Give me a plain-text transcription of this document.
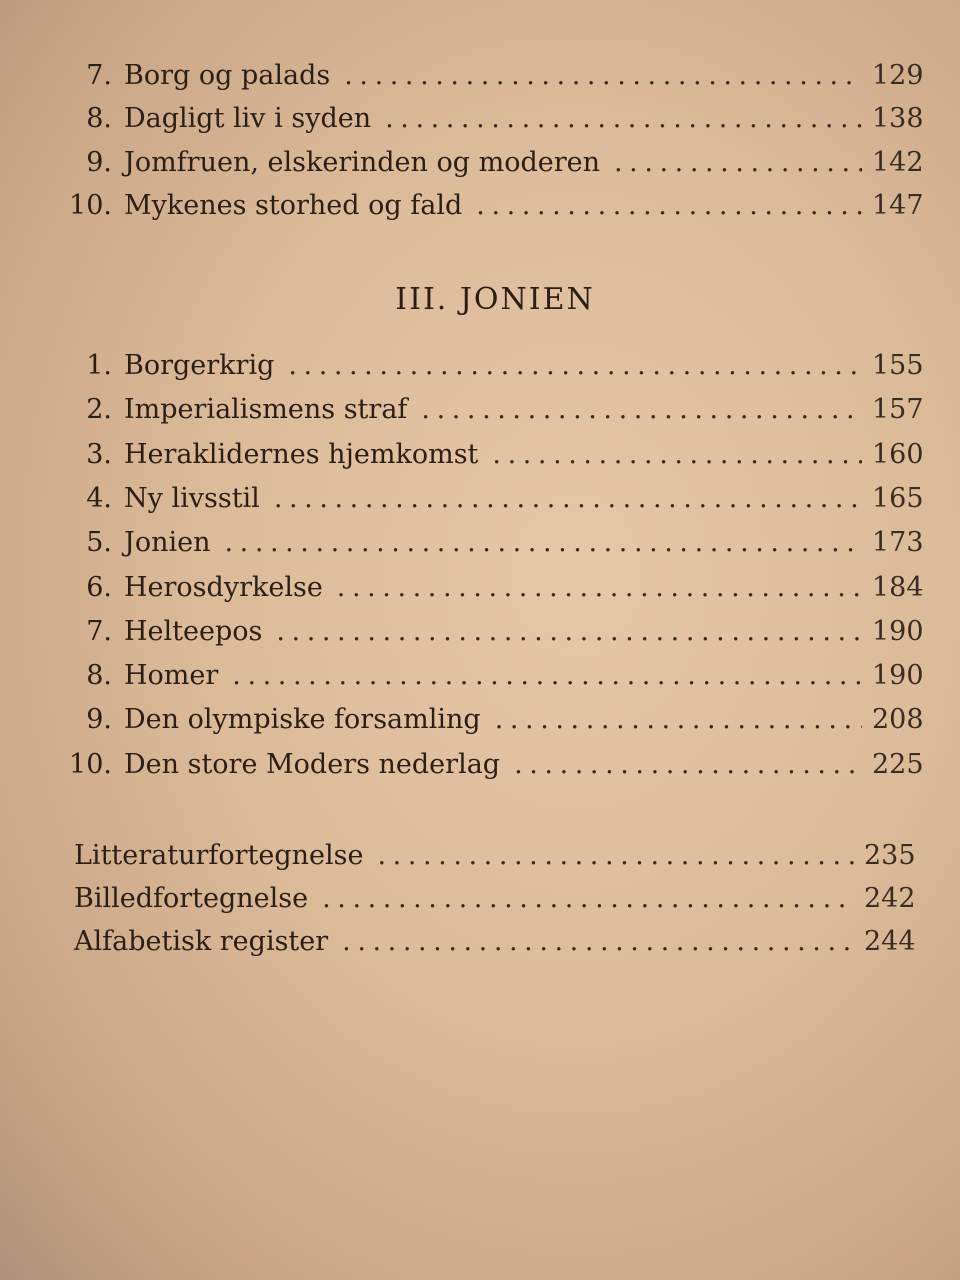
7. Borg og palads . . .	129
8. Dagligt liv i syden . . .	138
9. Jomfruen, elskerinden og moderen . . .	142
10. Mykenes storhed og fald . . .	147
1. Borgerkrig . . .	155
2. Imperialismens straf . . .	157
3. Heraklidernes hjemkomst . . .	160
4. Ny livsstil . . .	165
5. Jonien . . .	173
6. Herosdyrkelse . . .	184
7. Helteepos . . .	190
8. Homer . . .	190
9. Den olympiske forsamling . . .	208
10. Den store Moders nederlag . . .	225
Litteraturfortegnelse . . .	235
Billedfortegnelse . . .	242
Alfabetisk register . . .	244
III. JONIEN
